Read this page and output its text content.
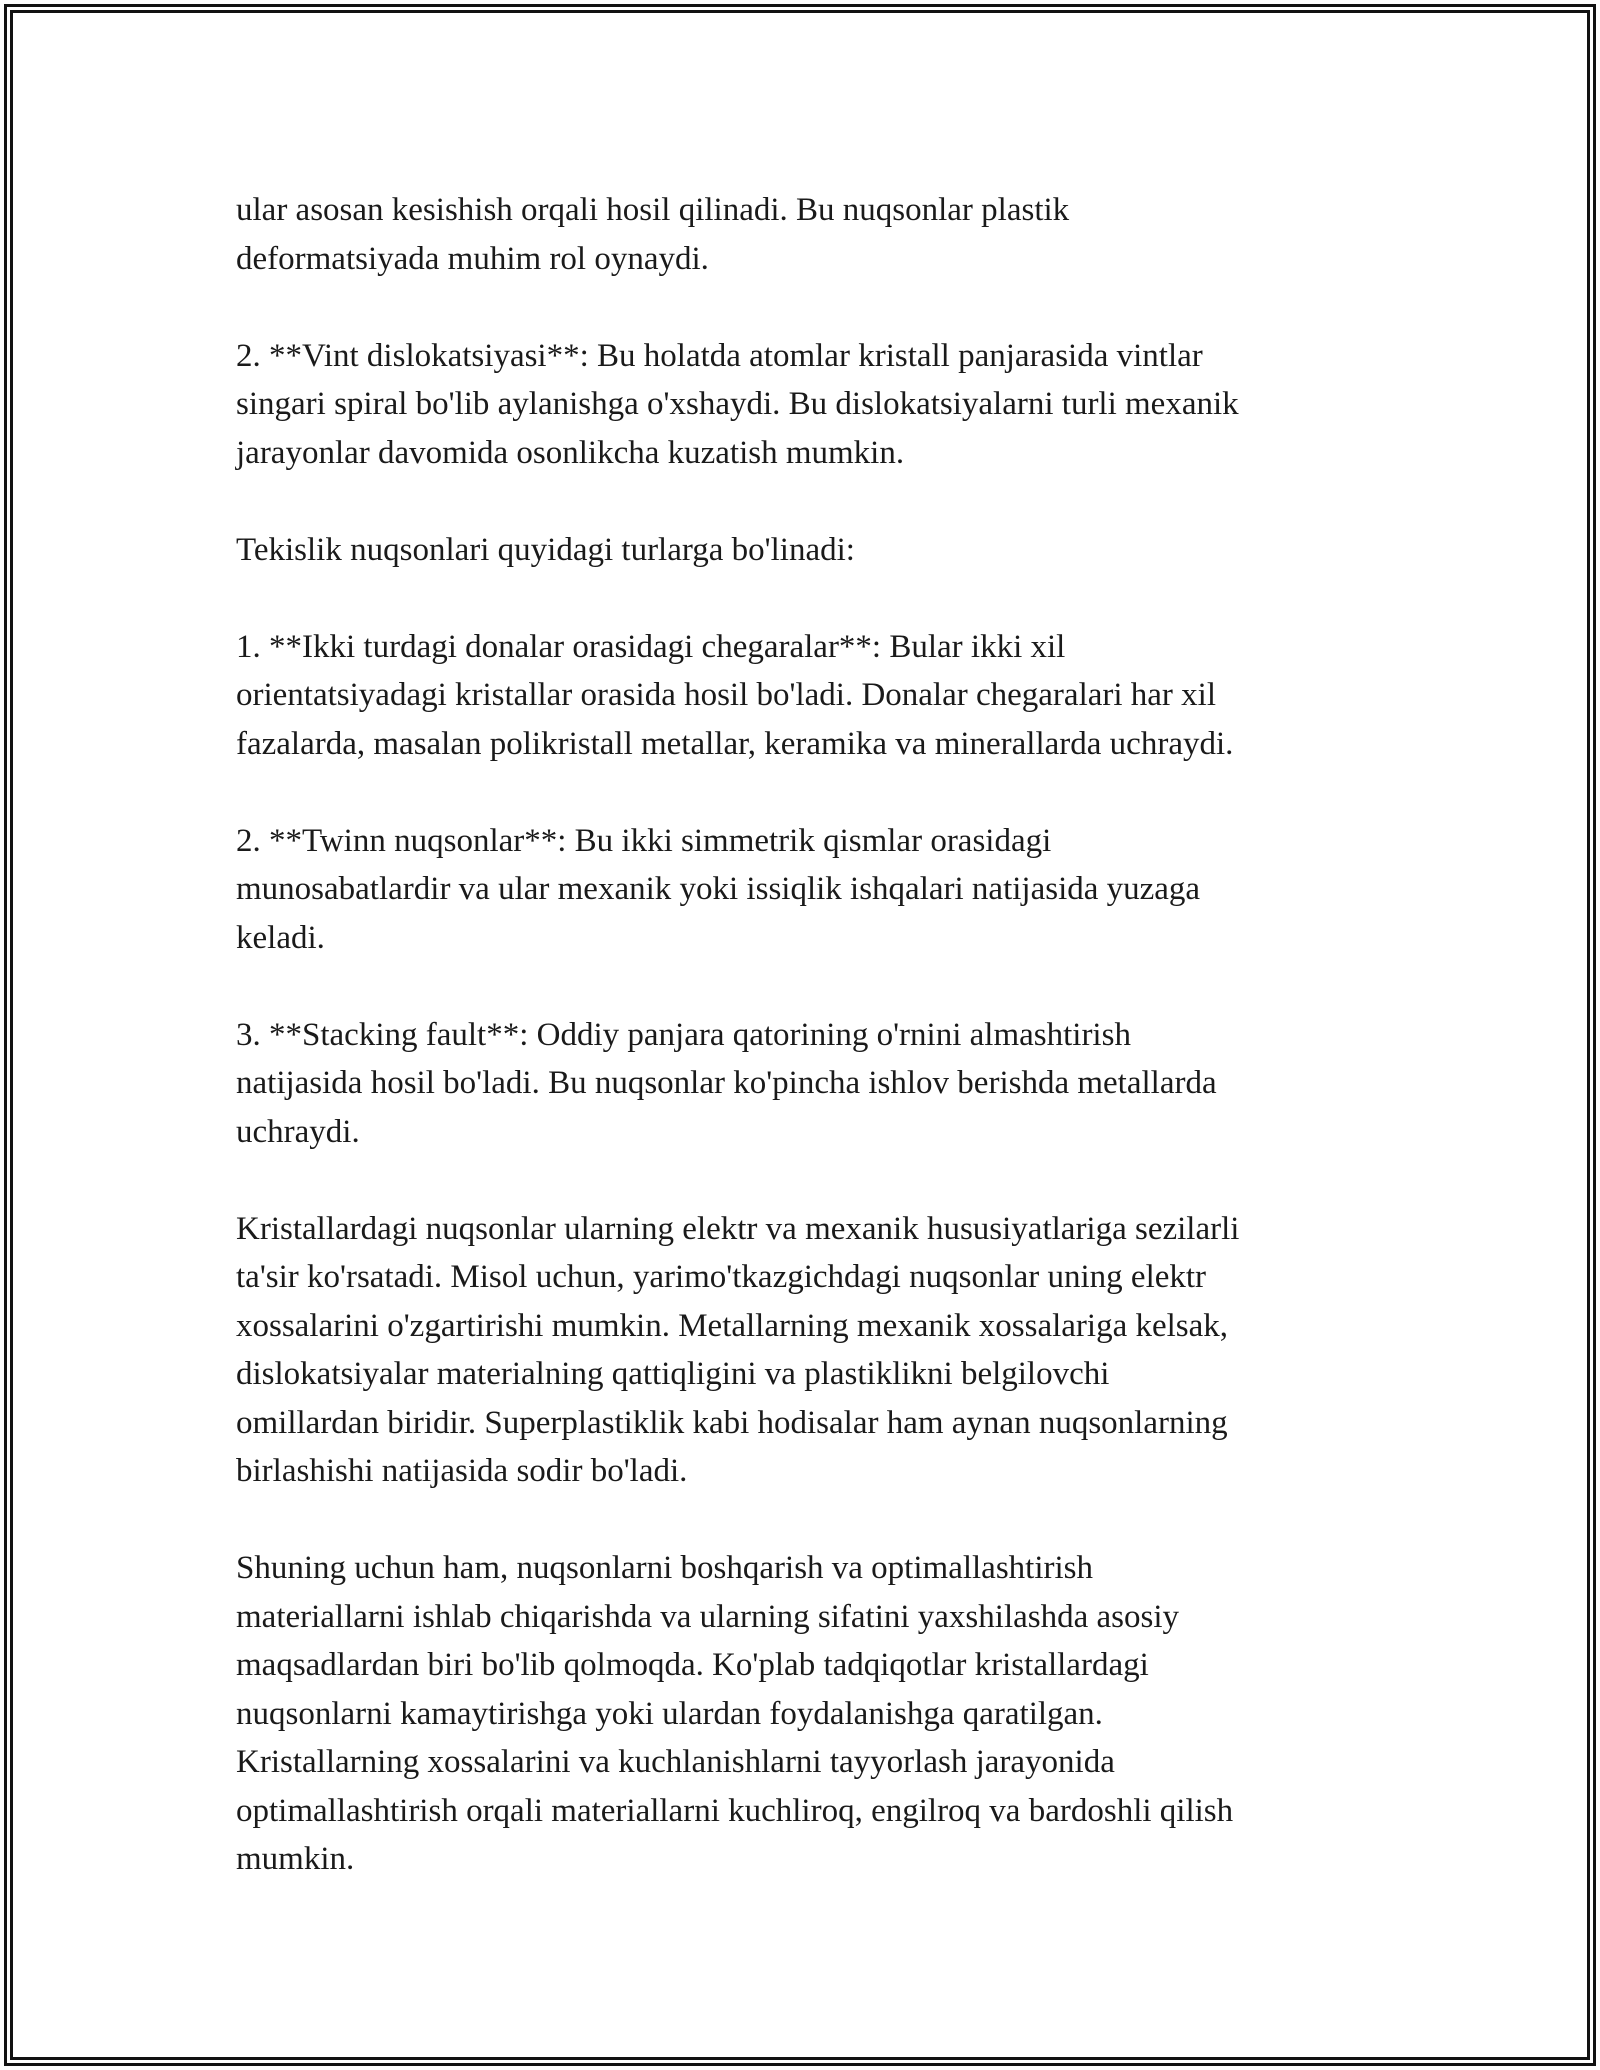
ular asosan kesishish orqali hosil qilinadi. Bu nuqsonlar plastik
deformatsiyada muhim rol oynaydi.

2. **Vint dislokatsiyasi**: Bu holatda atomlar kristall panjarasida vintlar
singari spiral bo'lib aylanishga o'xshaydi. Bu dislokatsiyalarni turli mexanik
jarayonlar davomida osonlikcha kuzatish mumkin.

Tekislik nuqsonlari quyidagi turlarga bo'linadi:

1. **Ikki turdagi donalar orasidagi chegaralar**: Bular ikki xil
orientatsiyadagi kristallar orasida hosil bo'ladi. Donalar chegaralari har xil
fazalarda, masalan polikristall metallar, keramika va minerallarda uchraydi.

2. **Twinn nuqsonlar**: Bu ikki simmetrik qismlar orasidagi
munosabatlardir va ular mexanik yoki issiqlik ishqalari natijasida yuzaga
keladi.

3. **Stacking fault**: Oddiy panjara qatorining o'rnini almashtirish
natijasida hosil bo'ladi. Bu nuqsonlar ko'pincha ishlov berishda metallarda
uchraydi.

Kristallardagi nuqsonlar ularning elektr va mexanik hususiyatlariga sezilarli
ta'sir ko'rsatadi. Misol uchun, yarimo'tkazgichdagi nuqsonlar uning elektr
xossalarini o'zgartirishi mumkin. Metallarning mexanik xossalariga kelsak,
dislokatsiyalar materialning qattiqligini va plastiklikni belgilovchi
omillardan biridir. Superplastiklik kabi hodisalar ham aynan nuqsonlarning
birlashishi natijasida sodir bo'ladi.

Shuning uchun ham, nuqsonlarni boshqarish va optimallashtirish
materiallarni ishlab chiqarishda va ularning sifatini yaxshilashda asosiy
maqsadlardan biri bo'lib qolmoqda. Ko'plab tadqiqotlar kristallardagi
nuqsonlarni kamaytirishga yoki ulardan foydalanishga qaratilgan.
Kristallarning xossalarini va kuchlanishlarni tayyorlash jarayonida
optimallashtirish orqali materiallarni kuchliroq, engilroq va bardoshli qilish
mumkin.
